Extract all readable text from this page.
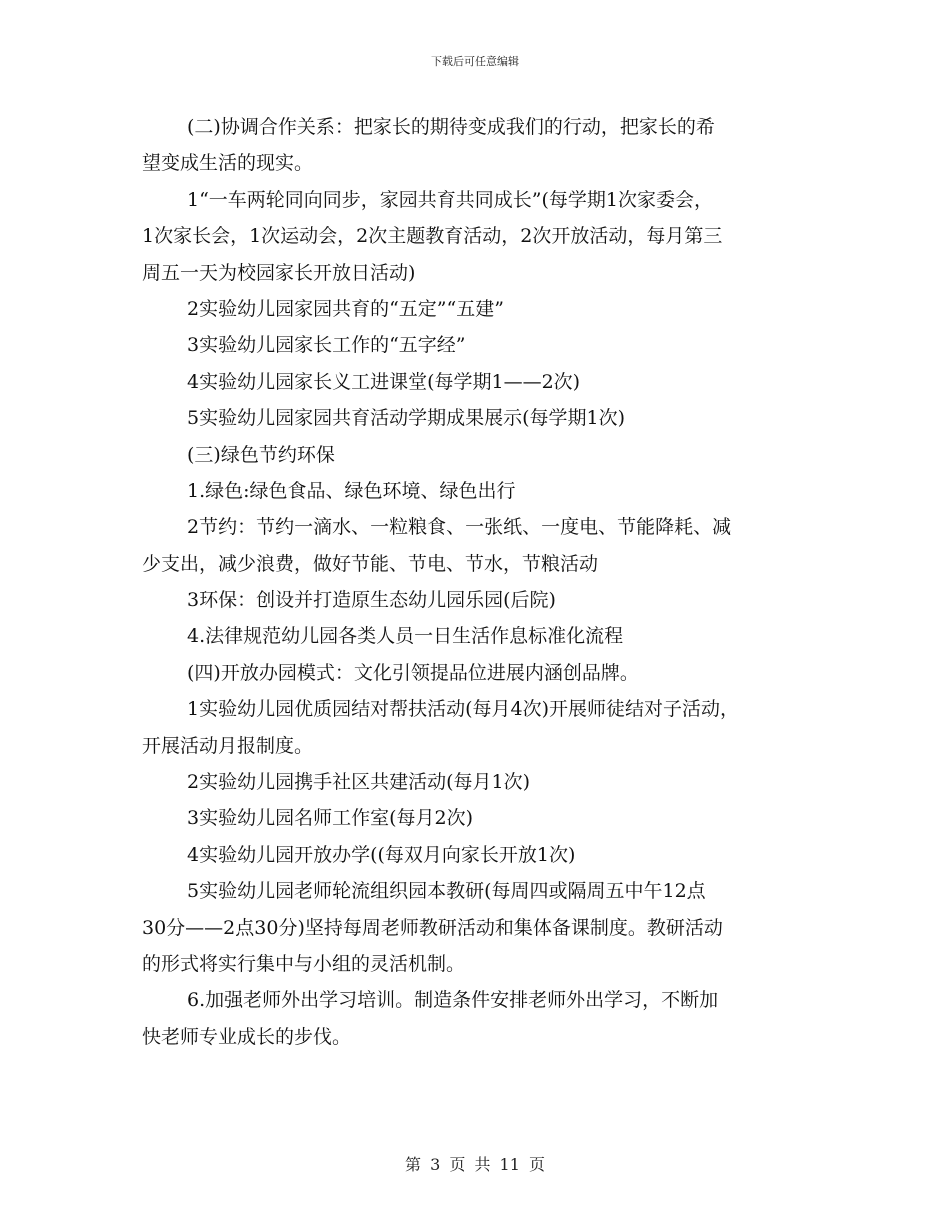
下载后可任意编辑
(二)协调合作关系：把家长的期待变成我们的行动，把家长的希
望变成生活的现实。
1“一车两轮同向同步，家园共育共同成长”(每学期1次家委会，
1次家长会，1次运动会，2次主题教育活动，2次开放活动，每月第三
周五一天为校园家长开放日活动)
2实验幼儿园家园共育的“五定”“五建”
3实验幼儿园家长工作的“五字经”
4实验幼儿园家长义工进课堂(每学期1——2次)
5实验幼儿园家园共育活动学期成果展示(每学期1次)
(三)绿色节约环保
1.绿色:绿色食品、绿色环境、绿色出行
2节约：节约一滴水、一粒粮食、一张纸、一度电、节能降耗、减
少支出，减少浪费，做好节能、节电、节水，节粮活动
3环保：创设并打造原生态幼儿园乐园(后院)
4.法律规范幼儿园各类人员一日生活作息标准化流程
(四)开放办园模式：文化引领提品位进展内涵创品牌。
1实验幼儿园优质园结对帮扶活动(每月4次)开展师徒结对子活动，
开展活动月报制度。
2实验幼儿园携手社区共建活动(每月1次)
3实验幼儿园名师工作室(每月2次)
4实验幼儿园开放办学((每双月向家长开放1次)
5实验幼儿园老师轮流组织园本教研(每周四或隔周五中午12点
30分——2点30分)坚持每周老师教研活动和集体备课制度。教研活动
的形式将实行集中与小组的灵活机制。
6.加强老师外出学习培训。制造条件安排老师外出学习，不断加
快老师专业成长的步伐。
第 3 页 共 11 页
